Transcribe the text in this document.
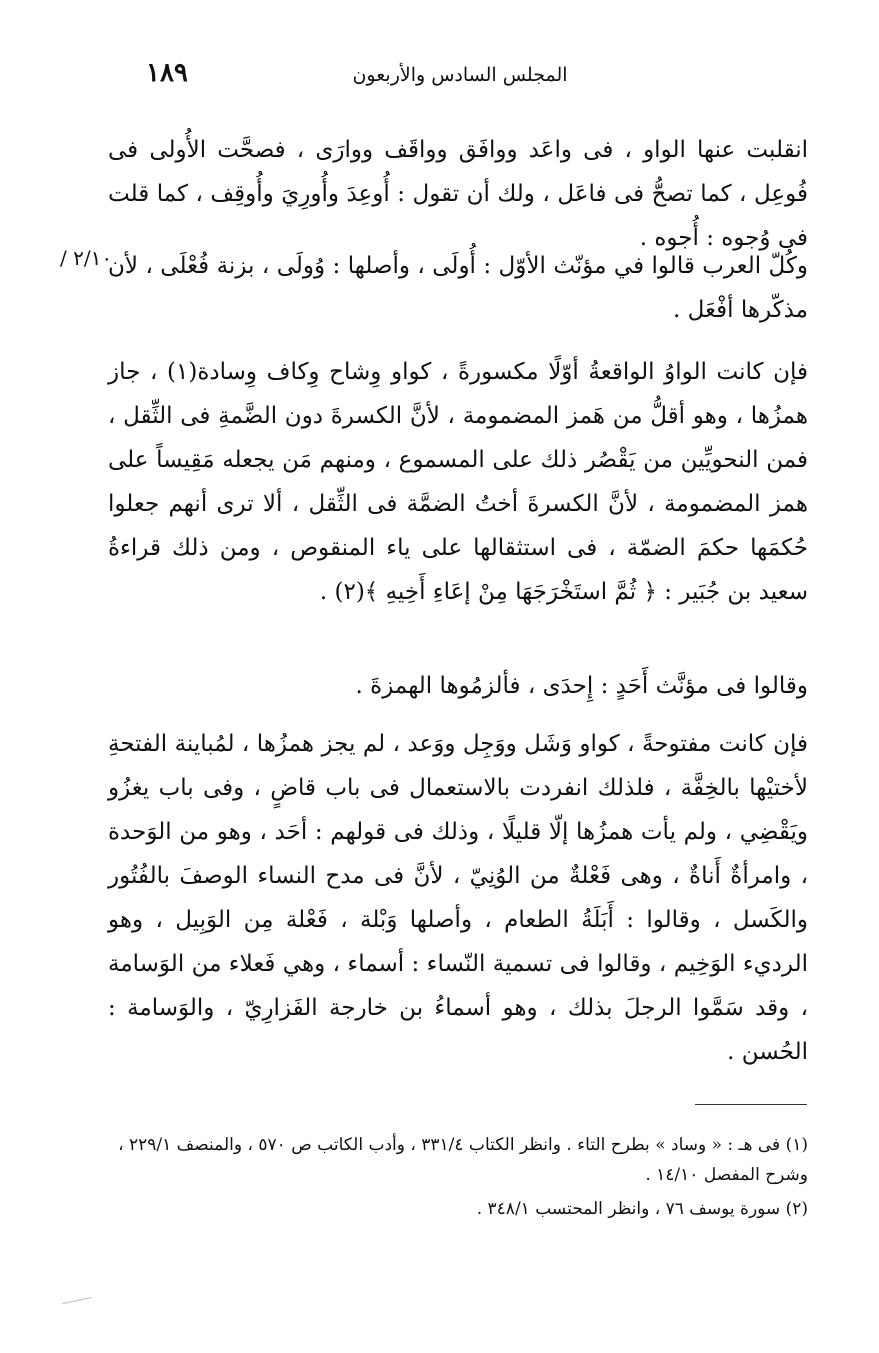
١٨٩	المجلس السادس والأربعون
٢/١٠ /

انقلبت عنها الواو ، فى واعَد ووافَق وواقَف ووارَى ، فصحَّت الأُولى فى فُوعِل ، كما تصحُّ فى فاعَل ، ولك أن تقول : أُوعِدَ وأُورِيَ وأُوقِف ، كما قلت فى وُجوه : أُجوه .

وكُلّ العرب قالوا في مؤنّث الأوّل : أُولَى ، وأصلها : وُولَى ، بزنة فُعْلَى ، لأن مذكّرها أفْعَل .

فإن كانت الواوُ الواقعةُ أوّلًا مكسورةً ، كواو وِشاح وِكاف وِسادة(١) ، جاز همزُها ، وهو أقلُّ من هَمز المضمومة ، لأنَّ الكسرةَ دون الضَّمةِ فى الثِّقل ، فمن النحويِّين من يَقْصُر ذلك على المسموع ، ومنهم مَن يجعله مَقِيساً على همز المضمومة ، لأنَّ الكسرةَ أختُ الضمَّة فى الثِّقل ، ألا ترى أنهم جعلوا حُكمَها حكمَ الضمّة ، فى استثقالها على ياء المنقوص ، ومن ذلك قراءةُ سعيد بن جُبَير : ﴿ ثُمَّ استَخْرَجَهَا مِنْ إعَاءِ أَخِيهِ ﴾(٢) .

وقالوا فى مؤنَّث أَحَدٍ : إِحدَى ، فألزمُوها الهمزةَ .

فإن كانت مفتوحةً ، كواو وَشَل ووَجِل ووَعد ، لم يجز همزُها ، لمُباينة الفتحةِ لأختيْها بالخِفَّة ، فلذلك انفردت بالاستعمال فى باب قاضٍ ، وفى باب يغزُو ويَقْضِي ، ولم يأت همزُها إلّا قليلًا ، وذلك فى قولهم : أحَد ، وهو من الوَحدة ، وامرأةٌ أَناةٌ ، وهى فَعْلةٌ من الوُنِيّ ، لأنَّ فى مدح النساء الوصفَ بالفُتُور والكَسل ، وقالوا : أَبَلَةُ الطعام ، وأصلها وَبْلة ، فَعْلة مِن الوَبِيل ، وهو الرديء الوَخِيم ، وقالوا فى تسمية النّساء : أسماء ، وهي فَعلاء من الوَسامة ، وقد سَمَّوا الرجلَ بذلك ، وهو أسماءُ بن خارجة الفَزارِيّ ، والوَسامة : الحُسن .

(١) فى هـ : « وساد » بطرح التاء . وانظر الكتاب ٣٣١/٤ ، وأدب الكاتب ص ٥٧٠ ، والمنصف ٢٢٩/١ ، وشرح المفصل ١٤/١٠ .

(٢) سورة يوسف ٧٦ ، وانظر المحتسب ٣٤٨/١ .
